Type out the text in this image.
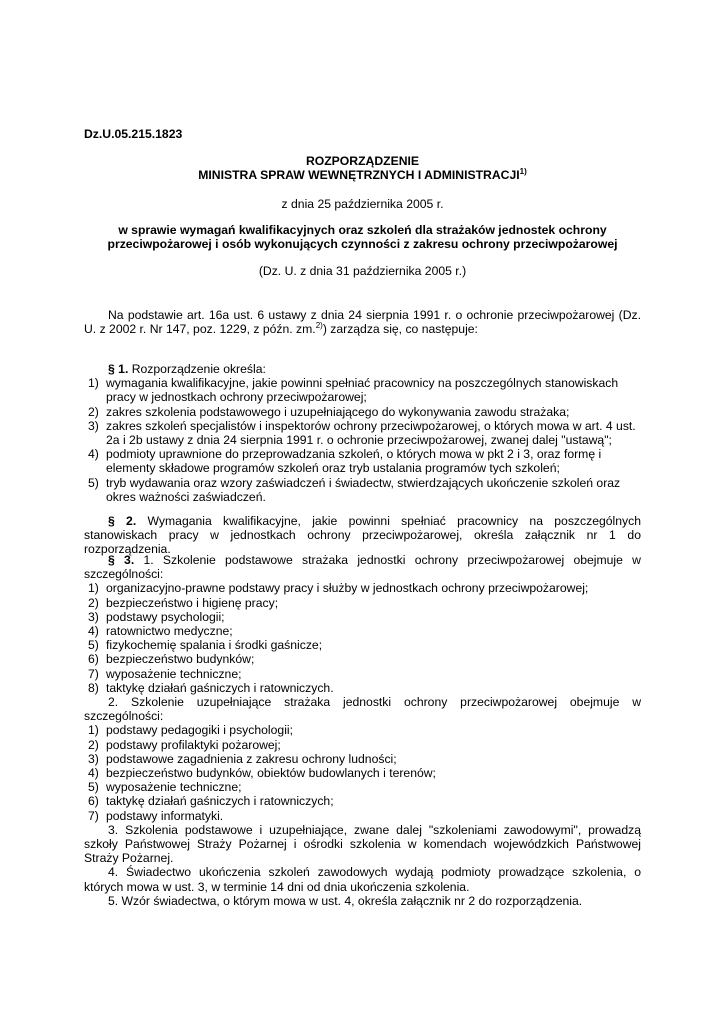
Dz.U.05.215.1823
ROZPORZĄDZENIE
MINISTRA SPRAW WEWNĘTRZNYCH I ADMINISTRACJI$^{1)}$
z dnia 25 października 2005 r.
w sprawie wymagań kwalifikacyjnych oraz szkoleń dla strażaków jednostek ochrony
przeciwpożarowej i osób wykonujących czynności z zakresu ochrony przeciwpożarowej
(Dz. U. z dnia 31 października 2005 r.)
Na podstawie art. 16a ust. 6 ustawy z dnia 24 sierpnia 1991 r. o ochronie przeciwpożarowej (Dz. U. z 2002 r. Nr 147, poz. 1229, z późn. zm.$^{2)}$) zarządza się, co następuje:
§ 1. Rozporządzenie określa:
1) wymagania kwalifikacyjne, jakie powinni spełniać pracownicy na poszczególnych stanowiskach pracy w jednostkach ochrony przeciwpożarowej;
2) zakres szkolenia podstawowego i uzupełniającego do wykonywania zawodu strażaka;
3) zakres szkoleń specjalistów i inspektorów ochrony przeciwpożarowej, o których mowa w art. 4 ust. 2a i 2b ustawy z dnia 24 sierpnia 1991 r. o ochronie przeciwpożarowej, zwanej dalej "ustawą";
4) podmioty uprawnione do przeprowadzania szkoleń, o których mowa w pkt 2 i 3, oraz formę i elementy składowe programów szkoleń oraz tryb ustalania programów tych szkoleń;
5) tryb wydawania oraz wzory zaświadczeń i świadectw, stwierdzających ukończenie szkoleń oraz okres ważności zaświadczeń.
§ 2. Wymagania kwalifikacyjne, jakie powinni spełniać pracownicy na poszczególnych stanowiskach pracy w jednostkach ochrony przeciwpożarowej, określa załącznik nr 1 do rozporządzenia.

§ 3. 1. Szkolenie podstawowe strażaka jednostki ochrony przeciwpożarowej obejmuje w szczególności:

1) organizacyjno-prawne podstawy pracy i służby w jednostkach ochrony przeciwpożarowej;
2) bezpieczeństwo i higienę pracy;
3) podstawy psychologii;
4) ratownictwo medyczne;
5) fizykochemię spalania i środki gaśnicze;
6) bezpieczeństwo budynków;
7) wyposażenie techniczne;
8) taktykę działań gaśniczych i ratowniczych.

2. Szkolenie uzupełniające strażaka jednostki ochrony przeciwpożarowej obejmuje w szczególności:

1) podstawy pedagogiki i psychologii;
2) podstawy profilaktyki pożarowej;
3) podstawowe zagadnienia z zakresu ochrony ludności;
4) bezpieczeństwo budynków, obiektów budowlanych i terenów;
5) wyposażenie techniczne;
6) taktykę działań gaśniczych i ratowniczych;
7) podstawy informatyki.

3. Szkolenia podstawowe i uzupełniające, zwane dalej "szkoleniami zawodowymi", prowadzą szkoły Państwowej Straży Pożarnej i ośrodki szkolenia w komendach wojewódzkich Państwowej Straży Pożarnej.

4. Świadectwo ukończenia szkoleń zawodowych wydają podmioty prowadzące szkolenia, o których mowa w ust. 3, w terminie 14 dni od dnia ukończenia szkolenia.

5. Wzór świadectwa, o którym mowa w ust. 4, określa załącznik nr 2 do rozporządzenia.
